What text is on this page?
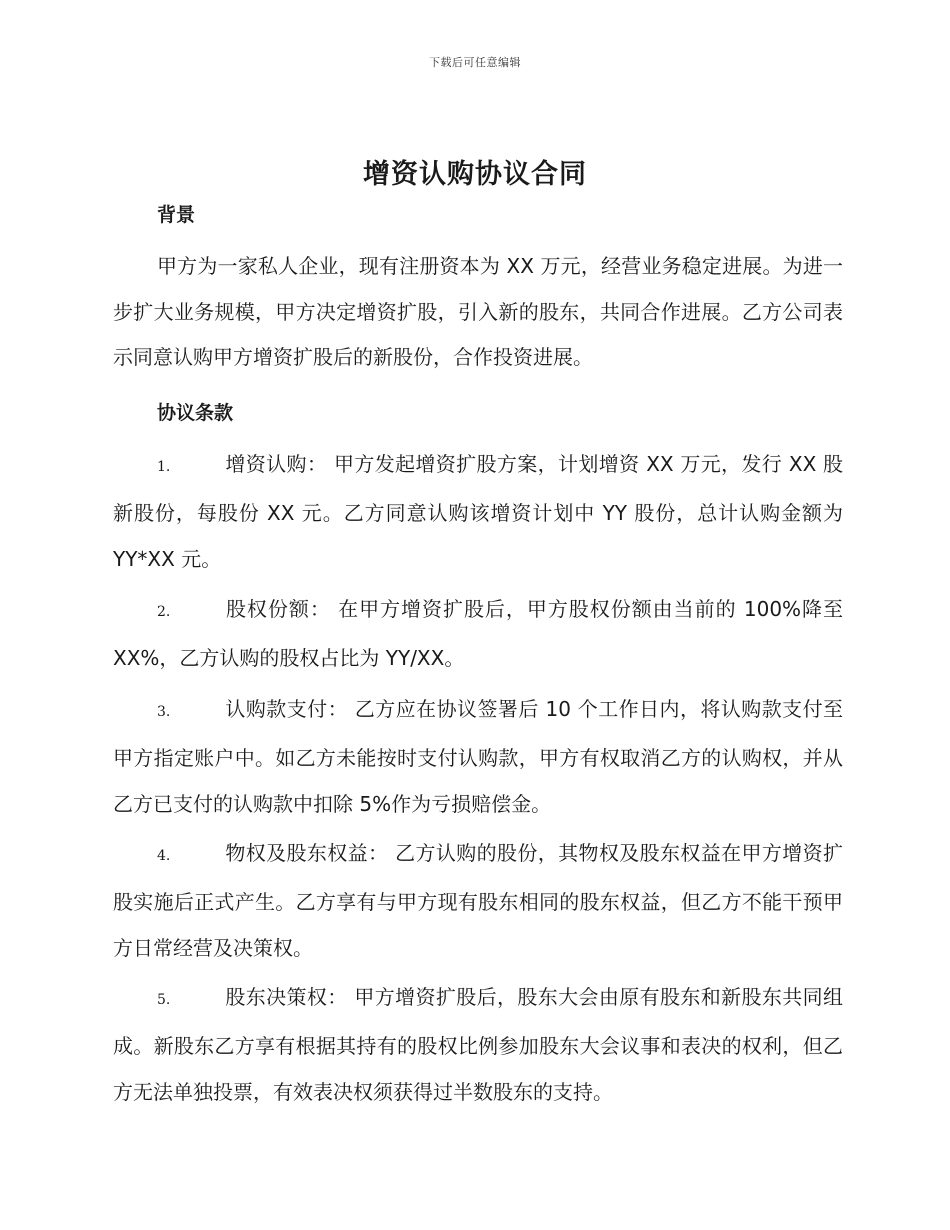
下载后可任意编辑
增资认购协议合同
背景

甲方为一家私人企业，现有注册资本为 XX 万元，经营业务稳定进展。为进一步扩大业务规模，甲方决定增资扩股，引入新的股东，共同合作进展。乙方公司表示同意认购甲方增资扩股后的新股份，合作投资进展。

协议条款

1.	增资认购： 甲方发起增资扩股方案，计划增资 XX 万元，发行 XX 股新股份，每股份 XX 元。乙方同意认购该增资计划中 YY 股份，总计认购金额为 YY*XX 元。

2.	股权份额： 在甲方增资扩股后，甲方股权份额由当前的 100%降至 XX%，乙方认购的股权占比为 YY/XX。

3.	认购款支付： 乙方应在协议签署后 10 个工作日内，将认购款支付至甲方指定账户中。如乙方未能按时支付认购款，甲方有权取消乙方的认购权，并从乙方已支付的认购款中扣除 5%作为亏损赔偿金。

4.	物权及股东权益： 乙方认购的股份，其物权及股东权益在甲方增资扩股实施后正式产生。乙方享有与甲方现有股东相同的股东权益，但乙方不能干预甲方日常经营及决策权。

5.	股东决策权： 甲方增资扩股后，股东大会由原有股东和新股东共同组成。新股东乙方享有根据其持有的股权比例参加股东大会议事和表决的权利，但乙方无法单独投票，有效表决权须获得过半数股东的支持。
